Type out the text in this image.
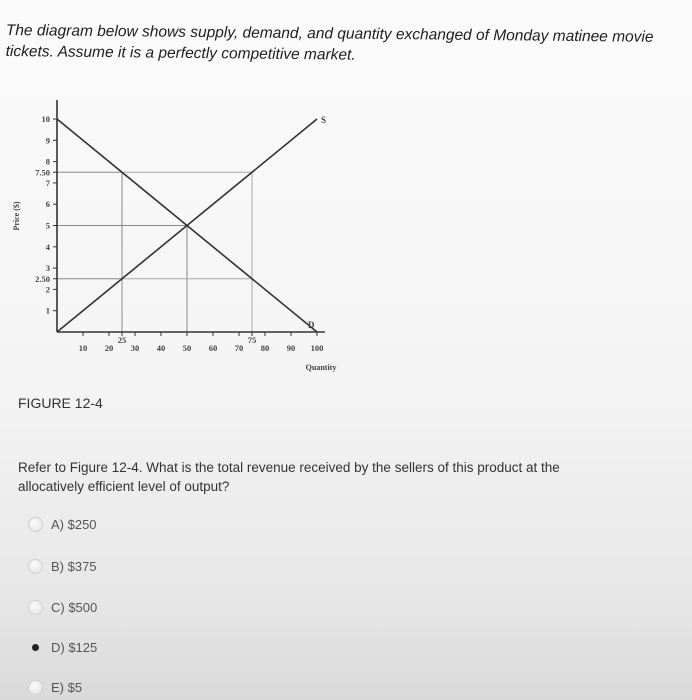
The diagram below shows supply, demand, and quantity exchanged of Monday matinee movie tickets. Assume it is a perfectly competitive market.
S
D
10
9
8
7.50
7
6
5
4
3
2.50
2
1
10 20
25
30 40 50 60 70
75
80 90 100
Price ($)
Quantity
FIGURE 12-4
Refer to Figure 12-4. What is the total revenue received by the sellers of this product at the allocatively efficient level of output?
A) $250
B) $375
C) $500
D) $125
E) $5
